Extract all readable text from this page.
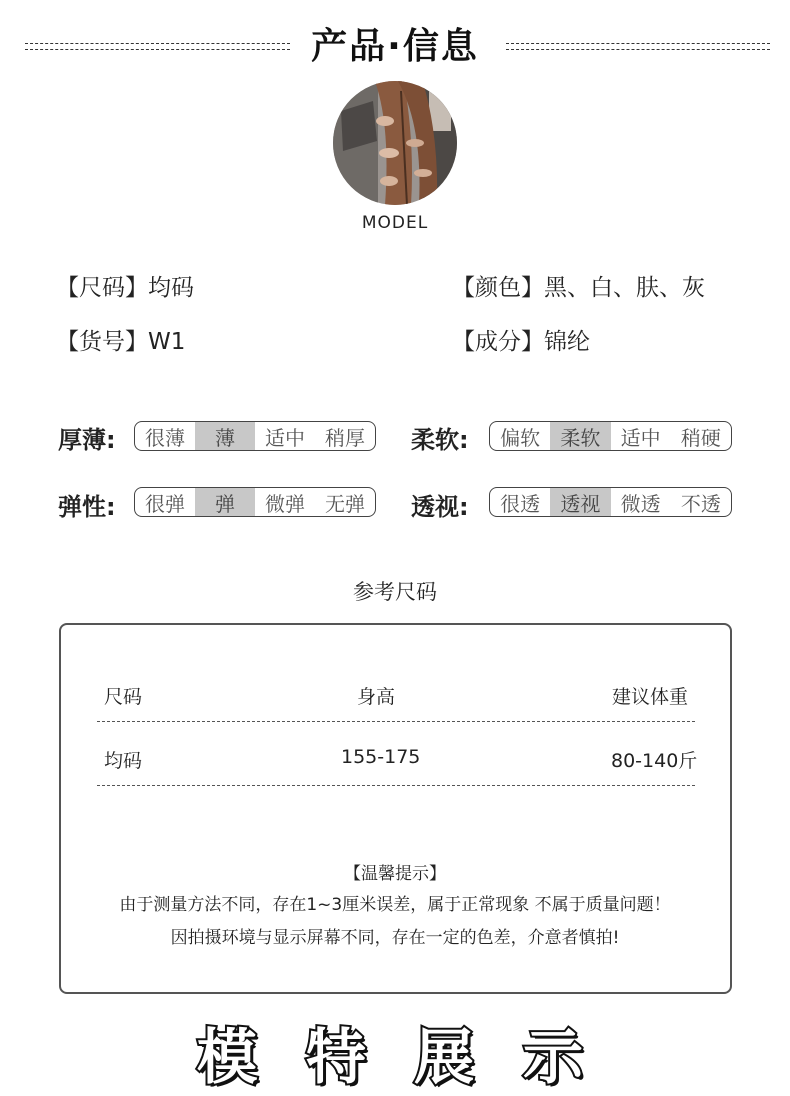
产品·信息
MODEL
【尺码】均码	【颜色】黑、白、肤、灰
【货号】W1	【成分】锦纶
厚薄:	很薄	薄	适中	稍厚	柔软:	偏软	柔软	适中	稍硬
弹性:	很弹	弹	微弹	无弹	透视:	很透	透视	微透	不透
参考尺码
尺码	身高	建议体重
均码	155-175	80-140斤
【温馨提示】
由于测量方法不同，存在1~3厘米误差，属于正常现象 不属于质量问题！
因拍摄环境与显示屏幕不同，存在一定的色差，介意者慎拍!
模 特 展 示
